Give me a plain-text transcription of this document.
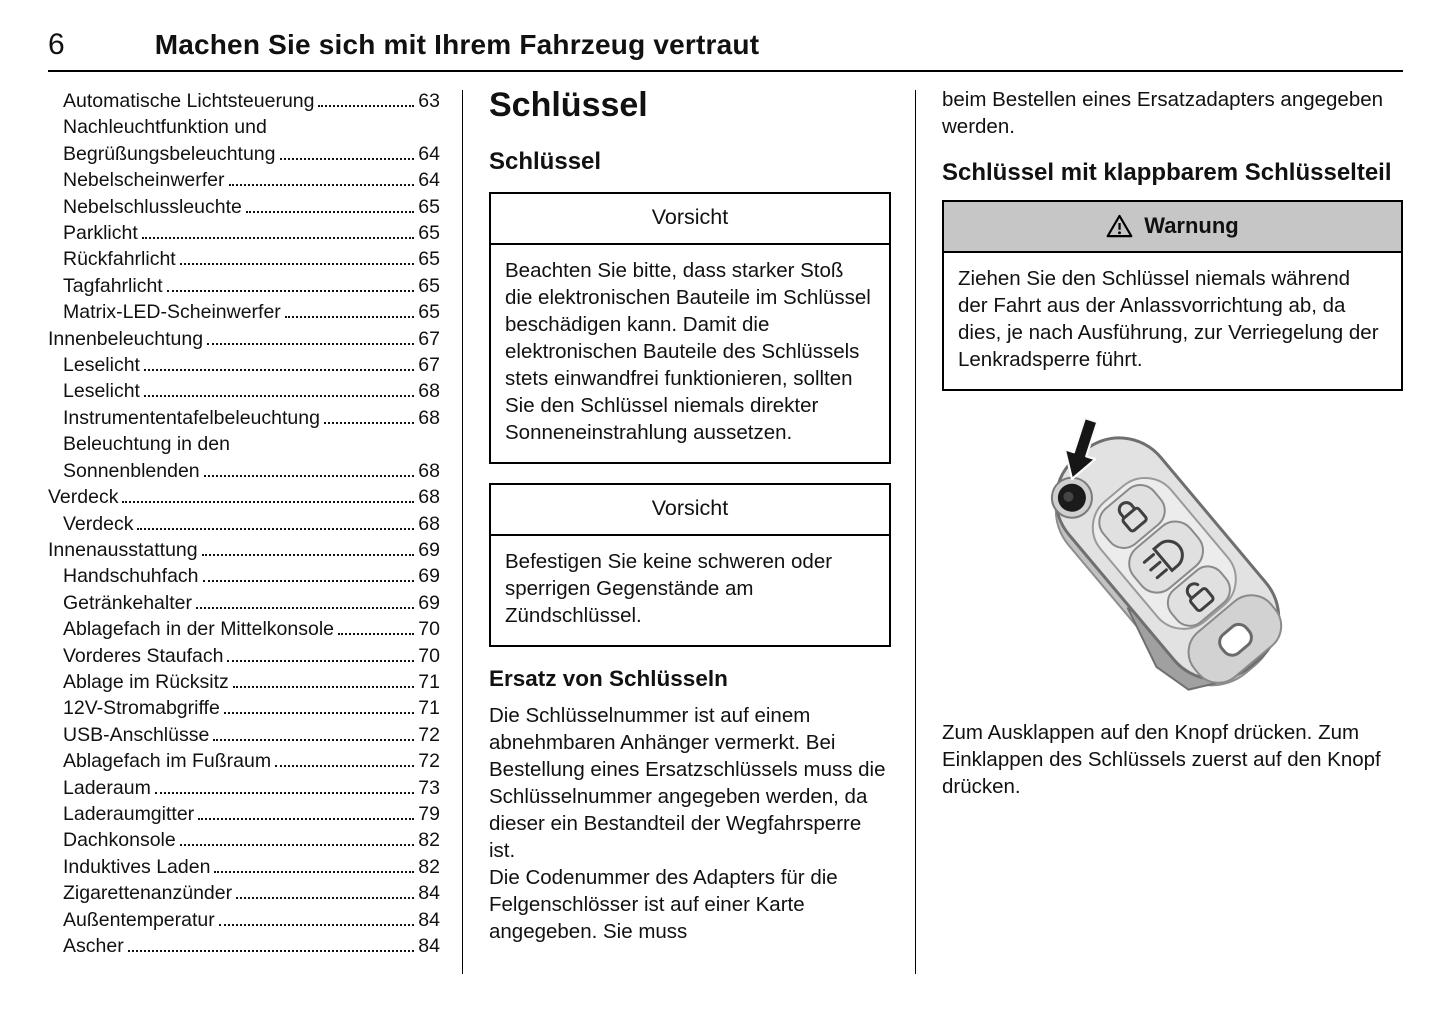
6	Machen Sie sich mit Ihrem Fahrzeug vertraut
Automatische Lichtsteuerung	63
Nachleuchtfunktion und
Begrüßungsbeleuchtung	64
Nebelscheinwerfer	64
Nebelschlussleuchte	65
Parklicht	65
Rückfahrlicht	65
Tagfahrlicht	65
Matrix-LED-Scheinwerfer	65
Innenbeleuchtung	67
Leselicht	67
Leselicht	68
Instrumententafelbeleuchtung	68
Beleuchtung in den
Sonnenblenden	68
Verdeck	68
Verdeck	68
Innenausstattung	69
Handschuhfach	69
Getränkehalter	69
Ablagefach in der Mittelkonsole	70
Vorderes Staufach	70
Ablage im Rücksitz	71
12V-Stromabgriffe	71
USB-Anschlüsse	72
Ablagefach im Fußraum	72
Laderaum	73
Laderaumgitter	79
Dachkonsole	82
Induktives Laden	82
Zigarettenanzünder	84
Außentemperatur	84
Ascher	84
Schlüssel
Schlüssel
Vorsicht
Beachten Sie bitte, dass starker Stoß die elektronischen Bauteile im Schlüssel beschädigen kann. Damit die elektronischen Bauteile des Schlüssels stets einwandfrei funktionieren, sollten Sie den Schlüssel niemals direkter Sonneneinstrahlung aussetzen.
Vorsicht
Befestigen Sie keine schweren oder sperrigen Gegenstände am Zündschlüssel.
Ersatz von Schlüsseln

Die Schlüsselnummer ist auf einem abnehmbaren Anhänger vermerkt. Bei Bestellung eines Ersatzschlüssels muss die Schlüsselnummer angegeben werden, da dieser ein Bestandteil der Wegfahrsperre ist.

Die Codenummer des Adapters für die Felgenschlösser ist auf einer Karte angegeben. Sie muss

beim Bestellen eines Ersatzadapters angegeben werden.

Schlüssel mit klappbarem Schlüsselteil
Warnung
Ziehen Sie den Schlüssel niemals während der Fahrt aus der Anlassvorrichtung ab, da dies, je nach Ausführung, zur Verriegelung der Lenkradsperre führt.

Zum Ausklappen auf den Knopf drücken. Zum Einklappen des Schlüssels zuerst auf den Knopf drücken.
